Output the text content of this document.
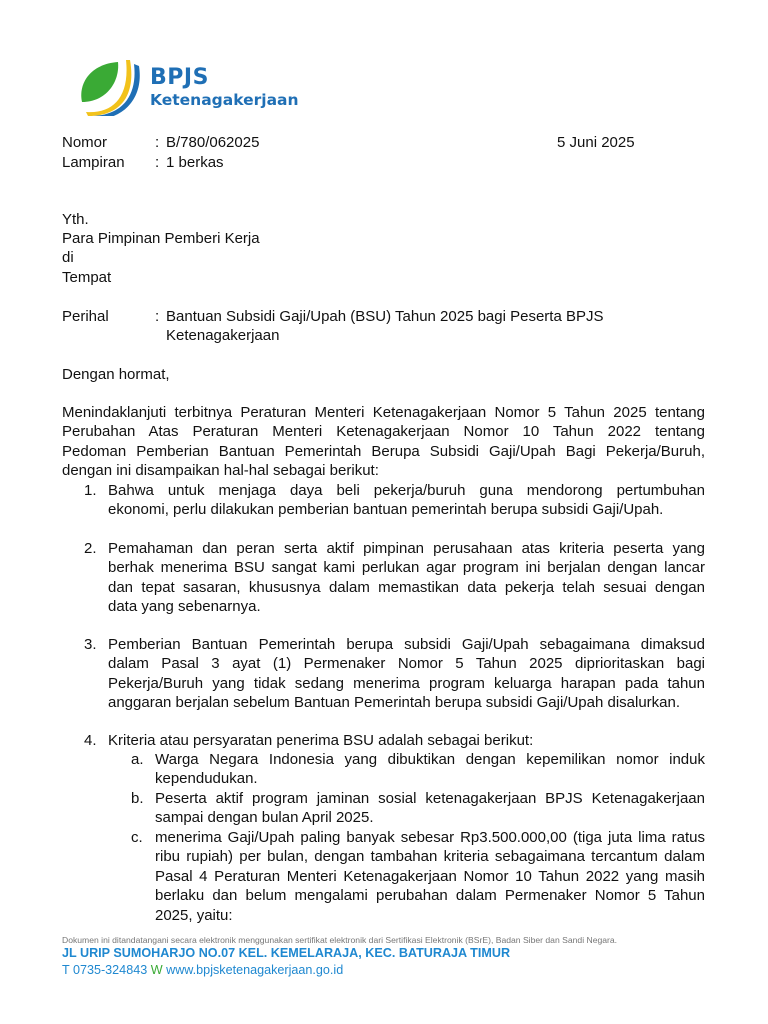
BPJS
Ketenagakerjaan
Nomor	: B/780/062025	5 Juni 2025
Lampiran : 1 berkas
Yth.
Para Pimpinan Pemberi Kerja
di
Tempat
Perihal	: Bantuan Subsidi Gaji/Upah (BSU) Tahun 2025 bagi Peserta BPJS
Ketenagakerjaan
Dengan hormat,
Menindaklanjuti terbitnya Peraturan Menteri Ketenagakerjaan Nomor 5 Tahun 2025 tentang
Perubahan Atas Peraturan Menteri Ketenagakerjaan Nomor 10 Tahun 2022 tentang
Pedoman Pemberian Bantuan Pemerintah Berupa Subsidi Gaji/Upah Bagi Pekerja/Buruh,
dengan ini disampaikan hal-hal sebagai berikut:
1. Bahwa untuk menjaga daya beli pekerja/buruh guna mendorong pertumbuhan
ekonomi, perlu dilakukan pemberian bantuan pemerintah berupa subsidi Gaji/Upah.
2. Pemahaman dan peran serta aktif pimpinan perusahaan atas kriteria peserta yang
berhak menerima BSU sangat kami perlukan agar program ini berjalan dengan lancar
dan tepat sasaran, khususnya dalam memastikan data pekerja telah sesuai dengan
data yang sebenarnya.
3. Pemberian Bantuan Pemerintah berupa subsidi Gaji/Upah sebagaimana dimaksud
dalam Pasal 3 ayat (1) Permenaker Nomor 5 Tahun 2025 diprioritaskan bagi
Pekerja/Buruh yang tidak sedang menerima program keluarga harapan pada tahun
anggaran berjalan sebelum Bantuan Pemerintah berupa subsidi Gaji/Upah disalurkan.
4. Kriteria atau persyaratan penerima BSU adalah sebagai berikut:
a. Warga Negara Indonesia yang dibuktikan dengan kepemilikan nomor induk
kependudukan.
b. Peserta aktif program jaminan sosial ketenagakerjaan BPJS Ketenagakerjaan
sampai dengan bulan April 2025.
c. menerima Gaji/Upah paling banyak sebesar Rp3.500.000,00 (tiga juta lima ratus
ribu rupiah) per bulan, dengan tambahan kriteria sebagaimana tercantum dalam
Pasal 4 Peraturan Menteri Ketenagakerjaan Nomor 10 Tahun 2022 yang masih
berlaku dan belum mengalami perubahan dalam Permenaker Nomor 5 Tahun
2025, yaitu:
Dokumen ini ditandatangani secara elektronik menggunakan sertifikat elektronik dari Sertifikasi Elektronik (BSrE), Badan Siber dan Sandi Negara.
JL URIP SUMOHARJO NO.07 KEL. KEMELARAJA, KEC. BATURAJA TIMUR
T 0735-324843 W www.bpjsketenagakerjaan.go.id
